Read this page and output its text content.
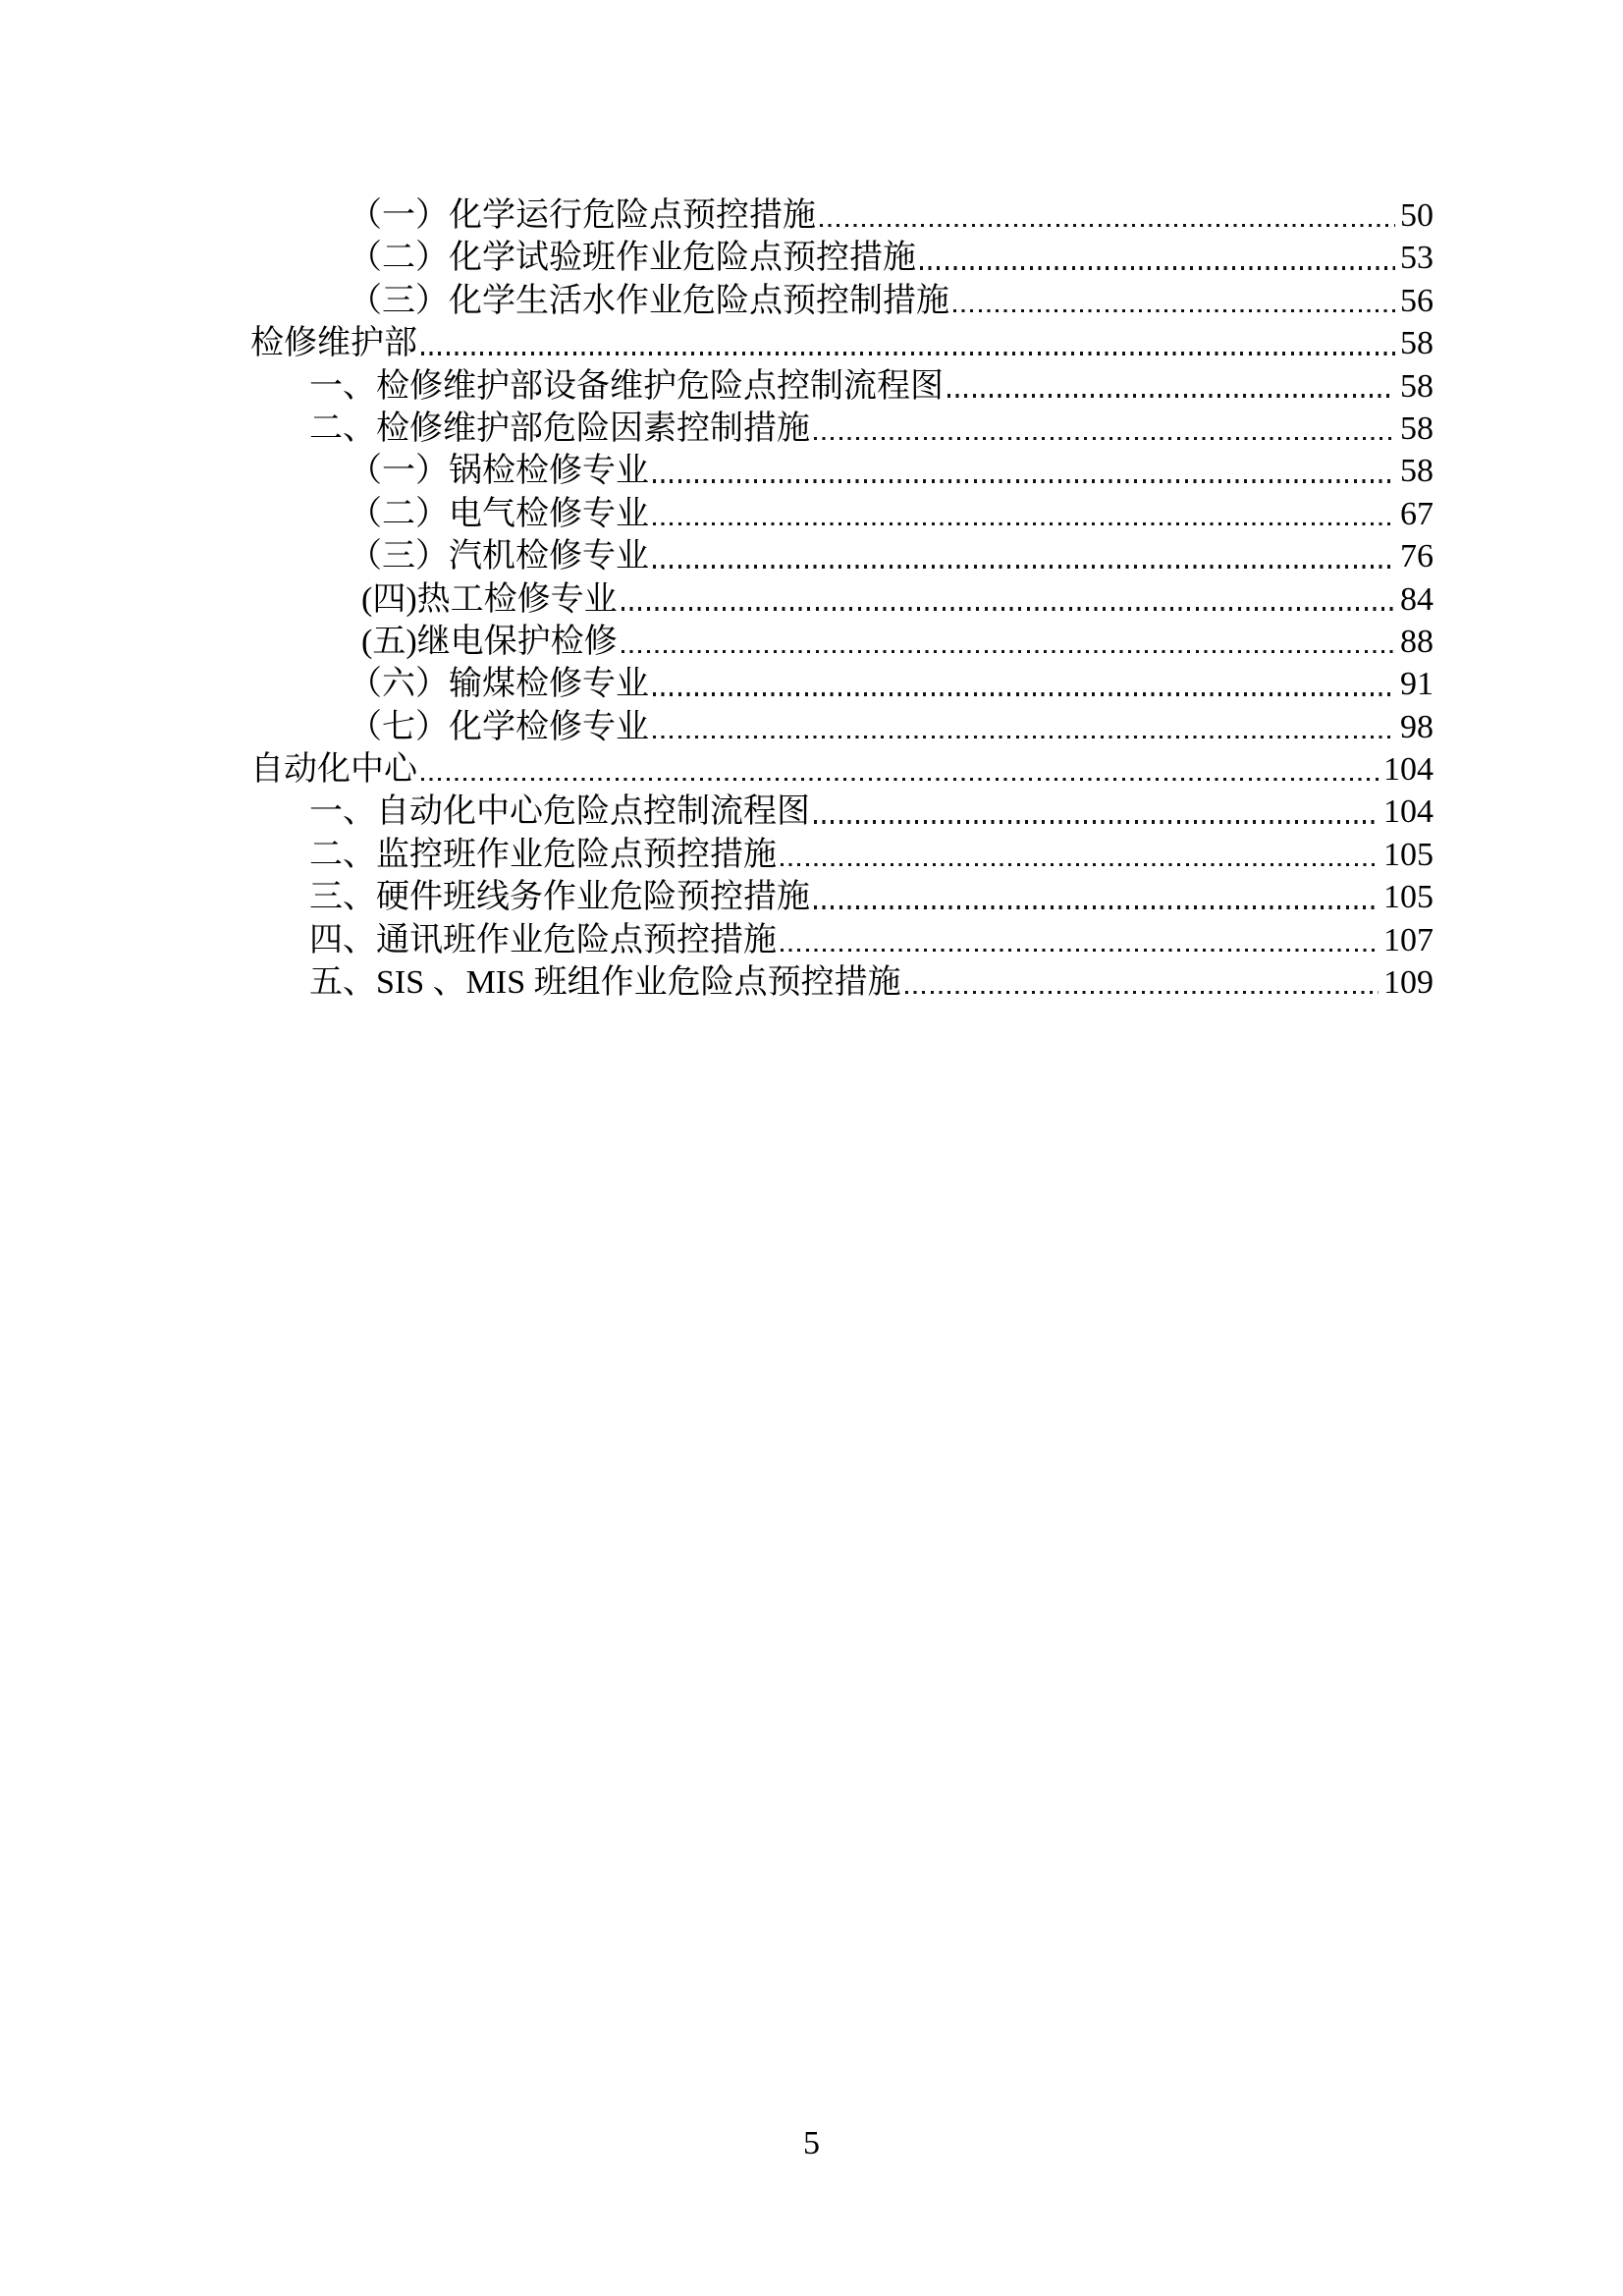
（一）化学运行危险点预控措施	50
（二）化学试验班作业危险点预控措施	53
（三）化学生活水作业危险点预控制措施	56
检修维护部	58
一、检修维护部设备维护危险点控制流程图	58
二、检修维护部危险因素控制措施	58
（一）锅检检修专业	58
（二）电气检修专业	67
（三）汽机检修专业	76
(四)热工检修专业	84
(五)继电保护检修	88
（六）输煤检修专业	91
（七）化学检修专业	98
自动化中心	104
一、自动化中心危险点控制流程图	104
二、监控班作业危险点预控措施	105
三、硬件班线务作业危险预控措施	105
四、通讯班作业危险点预控措施	107
五、SIS 、MIS 班组作业危险点预控措施	109
5
